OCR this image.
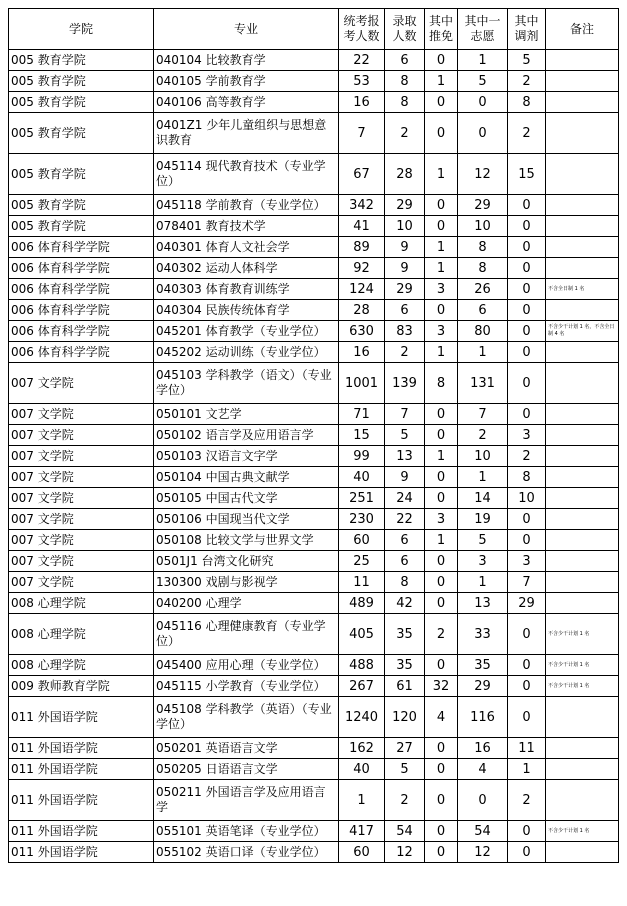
学院	专业	统考报考人数	录取人数	其中推免	其中一志愿	其中调剂	备注
005 教育学院	040104 比较教育学	22	6	0	1	5	
005 教育学院	040105 学前教育学	53	8	1	5	2	
005 教育学院	040106 高等教育学	16	8	0	0	8	
005 教育学院	0401Z1 少年儿童组织与思想意识教育	7	2	0	0	2	
005 教育学院	045114 现代教育技术（专业学位）	67	28	1	12	15	
005 教育学院	045118 学前教育（专业学位）	342	29	0	29	0	
005 教育学院	078401 教育技术学	41	10	0	10	0	
006 体育科学学院	040301 体育人文社会学	89	9	1	8	0	
006 体育科学学院	040302 运动人体科学	92	9	1	8	0	
006 体育科学学院	040303 体育教育训练学	124	29	3	26	0	不含全日制 1 名
006 体育科学学院	040304 民族传统体育学	28	6	0	6	0	
006 体育科学学院	045201 体育教学（专业学位）	630	83	3	80	0	不含少干计划 1 名，不含全日制 4 名
006 体育科学学院	045202 运动训练（专业学位）	16	2	1	1	0	
007 文学院	045103 学科教学（语文）（专业学位）	1001	139	8	131	0	
007 文学院	050101 文艺学	71	7	0	7	0	
007 文学院	050102 语言学及应用语言学	15	5	0	2	3	
007 文学院	050103 汉语言文字学	99	13	1	10	2	
007 文学院	050104 中国古典文献学	40	9	0	1	8	
007 文学院	050105 中国古代文学	251	24	0	14	10	
007 文学院	050106 中国现当代文学	230	22	3	19	0	
007 文学院	050108 比较文学与世界文学	60	6	1	5	0	
007 文学院	0501J1 台湾文化研究	25	6	0	3	3	
007 文学院	130300 戏剧与影视学	11	8	0	1	7	
008 心理学院	040200 心理学	489	42	0	13	29	
008 心理学院	045116 心理健康教育（专业学位）	405	35	2	33	0	不含少干计划 1 名
008 心理学院	045400 应用心理（专业学位）	488	35	0	35	0	不含少干计划 1 名
009 教师教育学院	045115 小学教育（专业学位）	267	61	32	29	0	不含少干计划 1 名
011 外国语学院	045108 学科教学（英语）（专业学位）	1240	120	4	116	0	
011 外国语学院	050201 英语语言文学	162	27	0	16	11	
011 外国语学院	050205 日语语言文学	40	5	0	4	1	
011 外国语学院	050211 外国语言学及应用语言学	1	2	0	0	2	
011 外国语学院	055101 英语笔译（专业学位）	417	54	0	54	0	不含少干计划 1 名
011 外国语学院	055102 英语口译（专业学位）	60	12	0	12	0	
